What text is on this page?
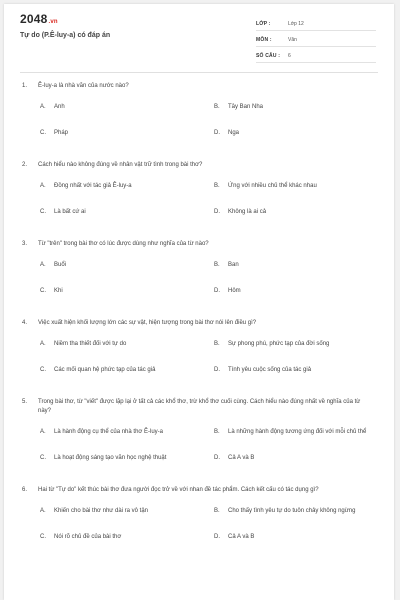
2048.vn
Tự do (P.Ê-luy-a) có đáp án
LỚP :	Lớp 12
MÔN :	Văn
SỐ CÂU : 6
1. Ê-luy-a là nhà văn của nước nào?
A.	Anh	B.	Tây Ban Nha
C.	Pháp	D.	Nga
2. Cách hiểu nào không đúng về nhân vật trữ tình trong bài thơ?
A.	Đồng nhất với tác giả Ê-luy-a	B.	Ứng với nhiều chủ thể khác nhau
C.	Là bất cứ ai	D.	Không là ai cả
3. Từ "trên" trong bài thơ có lúc được dùng như nghĩa của từ nào?
A.	Buổi	B.	Ban
C.	Khi	D.	Hôm
4. Việc xuất hiện khối lượng lớn các sự vật, hiện tượng trong bài thơ nói lên điều gì?
A.	Niềm tha thiết đối với tự do	B.	Sự phong phú, phức tạp của đời sống
C.	Các mối quan hệ phức tạp của tác giả	D.	Tính yêu cuộc sống của tác giả
5. Trong bài thơ, từ "viết" được lặp lại ở tất cả các khổ thơ, trừ khổ thơ cuối cùng. Cách hiểu nào đúng nhất về nghĩa của từ này?
A.	Là hành động cụ thể của nhà thơ Ê-luy-a	B.	Là những hành động tương ứng đối với mỗi chủ thể
C.	Là hoạt động sáng tạo văn học nghệ thuật	D.	Cả A và B
6. Hai từ "Tự do" kết thúc bài thơ đưa người đọc trở về với nhan đề tác phẩm. Cách kết cấu có tác dụng gì?
A.	Khiến cho bài thơ như dài ra vô tận	B.	Cho thấy tình yêu tự do tuôn chảy không ngừng
C.	Nói rõ chủ đề của bài thơ	D.	Cả A và B
